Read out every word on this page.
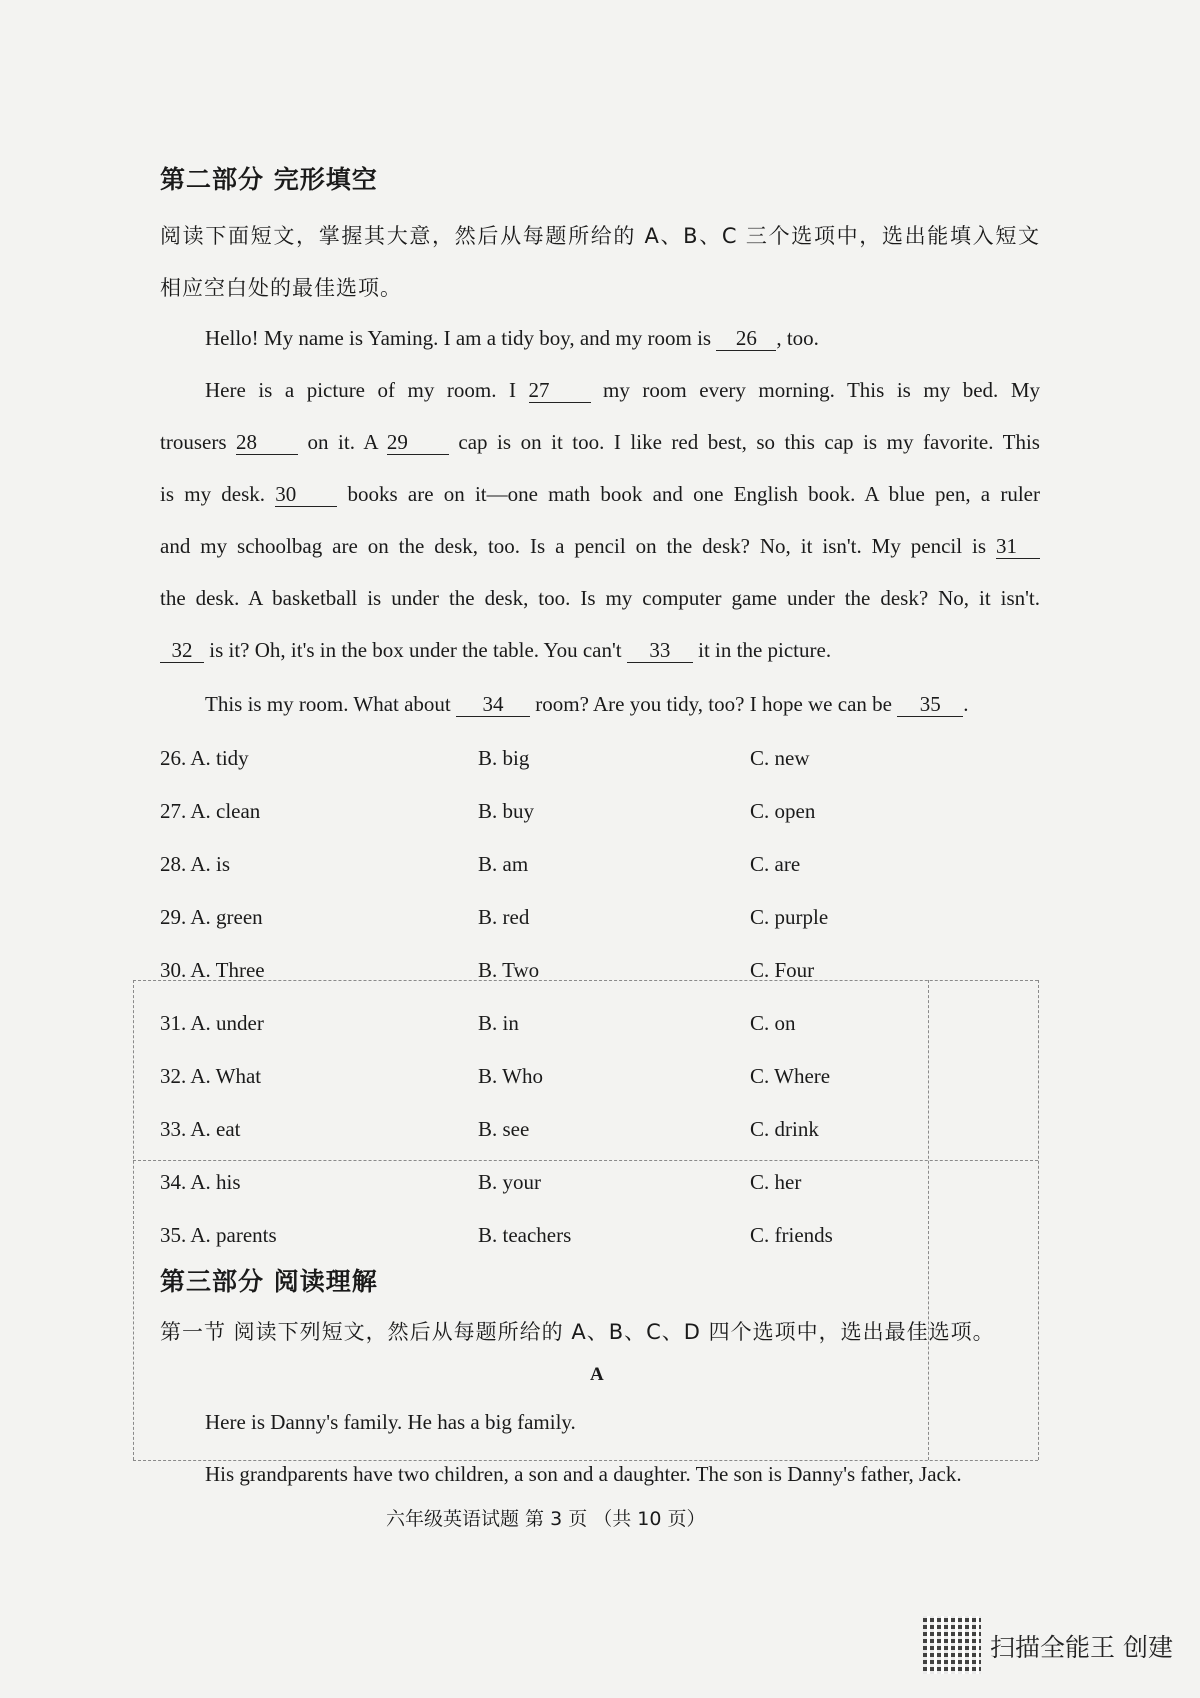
第二部分 完形填空
阅读下面短文，掌握其大意，然后从每题所给的 A、B、C 三个选项中，选出能填入短文
相应空白处的最佳选项。
Hello! My name is Yaming. I am a tidy boy, and my room is 26 , too.
Here is a picture of my room. I 27 my room every morning. This is my bed. My
trousers 28 on it. A 29 cap is on it too. I like red best, so this cap is my favorite. This
is my desk. 30 books are on it—one math book and one English book. A blue pen, a ruler
and my schoolbag are on the desk, too. Is a pencil on the desk? No, it isn't. My pencil is 31
the desk. A basketball is under the desk, too. Is my computer game under the desk? No, it isn't.
32 is it? Oh, it's in the box under the table. You can't 33 it in the picture.
This is my room. What about 34 room? Are you tidy, too? I hope we can be 35 .
26. A. tidy	B. big	C. new
27. A. clean	B. buy	C. open
28. A. is	B. am	C. are
29. A. green	B. red	C. purple
30. A. Three	B. Two	C. Four
31. A. under	B. in	C. on
32. A. What	B. Who	C. Where
33. A. eat	B. see	C. drink
34. A. his	B. your	C. her
35. A. parents	B. teachers	C. friends
第三部分 阅读理解
第一节 阅读下列短文，然后从每题所给的 A、B、C、D 四个选项中，选出最佳选项。
A
Here is Danny's family. He has a big family.
His grandparents have two children, a son and a daughter. The son is Danny's father, Jack.
六年级英语试题 第 3 页 （共 10 页）
扫描全能王 创建
